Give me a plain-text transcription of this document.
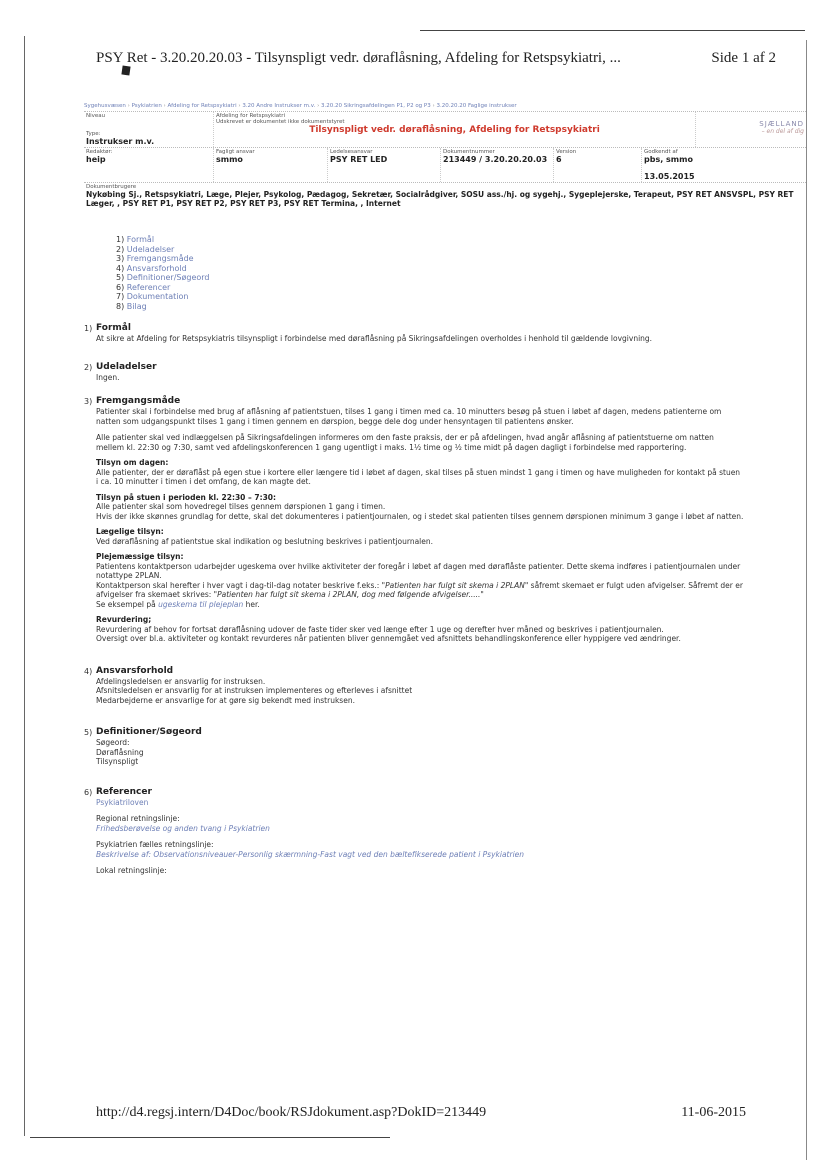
PSY Ret - 3.20.20.20.03 - Tilsynspligt vedr. døraflåsning, Afdeling for Retspsykiatri, ...	Side 1 af 2
Sygehusvæsen › Psykiatrien › Afdeling for Retspsykiatri › 3.20 Andre Instrukser m.v. › 3.20.20 Sikringsafdelingen P1, P2 og P3 › 3.20.20.20 Faglige instrukser
Niveau
Type:
Instrukser m.v.
Afdeling for Retspsykiatri
Udskrevet er dokumentet ikke dokumentstyret
Tilsynspligt vedr. døraflåsning, Afdeling for Retspsykiatri
SJÆLLAND
– en del af dig
Redaktør:
heip
Fagligt ansvar
smmo
Ledelsesansvar
PSY RET LED
Dokumentnummer
213449 / 3.20.20.20.03
Version
6
Godkendt af
pbs, smmo
13.05.2015
Dokumentbrugere
Nykøbing Sj., Retspsykiatri, Læge, Plejer, Psykolog, Pædagog, Sekretær, Socialrådgiver, SOSU ass./hj. og sygehj., Sygeplejerske, Terapeut, PSY RET ANSVSPL, PSY RET Læger, , PSY RET P1, PSY RET P2, PSY RET P3, PSY RET Termina, , Internet
1) Formål
2) Udeladelser
3) Fremgangsmåde
4) Ansvarsforhold
5) Definitioner/Søgeord
6) Referencer
7) Dokumentation
8) Bilag
1) Formål
At sikre at Afdeling for Retspsykiatris tilsynspligt i forbindelse med døraflåsning på Sikringsafdelingen overholdes i henhold til gældende lovgivning.
2) Udeladelser
Ingen.
3) Fremgangsmåde
Patienter skal i forbindelse med brug af aflåsning af patientstuen, tilses 1 gang i timen med ca. 10 minutters besøg på stuen i løbet af dagen, medens patienterne om natten som udgangspunkt tilses 1 gang i timen gennem en dørspion, begge dele dog under hensyntagen til patientens ønsker.
Alle patienter skal ved indlæggelsen på Sikringsafdelingen informeres om den faste praksis, der er på afdelingen, hvad angår aflåsning af patientstuerne om natten mellem kl. 22:30 og 7:30, samt ved afdelingskonferencen 1 gang ugentligt i maks. 1½ time og ½ time midt på dagen dagligt i forbindelse med rapportering.
Tilsyn om dagen:
Alle patienter, der er døraflåst på egen stue i kortere eller længere tid i løbet af dagen, skal tilses på stuen mindst 1 gang i timen og have muligheden for kontakt på stuen i ca. 10 minutter i timen i det omfang, de kan magte det.
Tilsyn på stuen i perioden kl. 22:30 – 7:30:
Alle patienter skal som hovedregel tilses gennem dørspionen 1 gang i timen.
Hvis der ikke skønnes grundlag for dette, skal det dokumenteres i patientjournalen, og i stedet skal patienten tilses gennem dørspionen minimum 3 gange i løbet af natten.
Lægelige tilsyn:
Ved døraflåsning af patientstue skal indikation og beslutning beskrives i patientjournalen.
Plejemæssige tilsyn:
Patientens kontaktperson udarbejder ugeskema over hvilke aktiviteter der foregår i løbet af dagen med døraflåste patienter. Dette skema indføres i patientjournalen under notattype 2PLAN.
Kontaktperson skal herefter i hver vagt i dag-til-dag notater beskrive f.eks.: "Patienten har fulgt sit skema i 2PLAN" såfremt skemaet er fulgt uden afvigelser. Såfremt der er afvigelser fra skemaet skrives: "Patienten har fulgt sit skema i 2PLAN, dog med følgende afvigelser....."
Se eksempel på ugeskema til plejeplan her.
Revurdering;
Revurdering af behov for fortsat døraflåsning udover de faste tider sker ved længe efter 1 uge og derefter hver måned og beskrives i patientjournalen.
Oversigt over bl.a. aktiviteter og kontakt revurderes når patienten bliver gennemgået ved afsnittets behandlingskonference eller hyppigere ved ændringer.
4) Ansvarsforhold
Afdelingsledelsen er ansvarlig for instruksen.
Afsnitsledelsen er ansvarlig for at instruksen implementeres og efterleves i afsnittet
Medarbejderne er ansvarlige for at gøre sig bekendt med instruksen.
5) Definitioner/Søgeord
Søgeord:
Døraflåsning
Tilsynspligt
6) Referencer
Psykiatriloven
Regional retningslinje:
Frihedsberøvelse og anden tvang i Psykiatrien
Psykiatrien fælles retningslinje:
Beskrivelse af: Observationsniveauer-Personlig skærmning-Fast vagt ved den bæltefikserede patient i Psykiatrien
Lokal retningslinje:
http://d4.regsj.intern/D4Doc/book/RSJdokument.asp?DokID=213449	11-06-2015
